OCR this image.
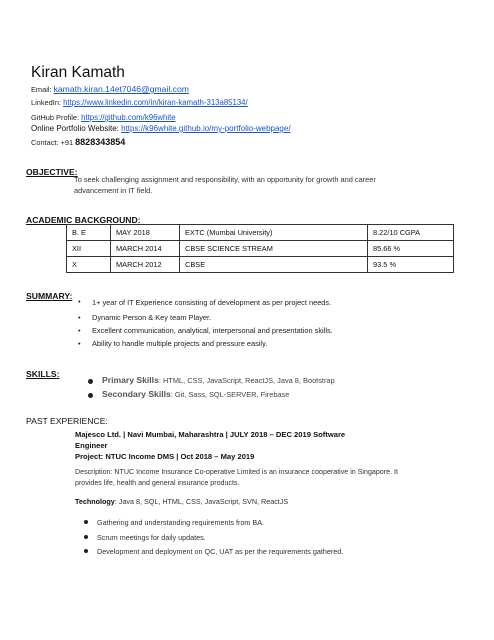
Kiran Kamath
Email: kamath.kiran.14et7046@gmail.com
LinkedIn: https://www.linkedin.com/in/kiran-kamath-313a85134/
GitHub Profile: https://github.com/k96white
Online Portfolio Website: https://k96white.github.io/my-portfolio-webpage/
Contact: +91 8828343854
OBJECTIVE:
To seek challenging assignment and responsibility, with an opportunity for growth and career
advancement in IT field.
ACADEMIC BACKGROUND:
B. E	MAY 2018	EXTC (Mumbai University)	8.22/10 CGPA
XII	MARCH 2014	CBSE SCIENCE STREAM	85.66 %
X	MARCH 2012	CBSE	93.5 %
SUMMARY:
• 1+ year of IT Experience consisting of development as per project needs.
• Dynamic Person & Key team Player.
• Excellent communication, analytical, interpersonal and presentation skills.
• Ability to handle multiple projects and pressure easily.
SKILLS:
Primary Skills: HTML, CSS, JavaScript, ReactJS, Java 8, Bootstrap
Secondary Skills: Git, Sass, SQL-SERVER, Firebase
PAST EXPERIENCE:
Majesco Ltd. | Navi Mumbai, Maharashtra | JULY 2018 – DEC 2019 Software
Engineer
Project: NTUC Income DMS | Oct 2018 – May 2019
Description: NTUC Income Insurance Co-operative Limited is an insurance cooperative in Singapore. It
provides life, health and general insurance products.
Technology: Java 8, SQL, HTML, CSS, JavaScript, SVN, ReactJS
Gathering and understanding requirements from BA.
Scrum meetings for daily updates.
Development and deployment on QC, UAT as per the requirements gathered.
